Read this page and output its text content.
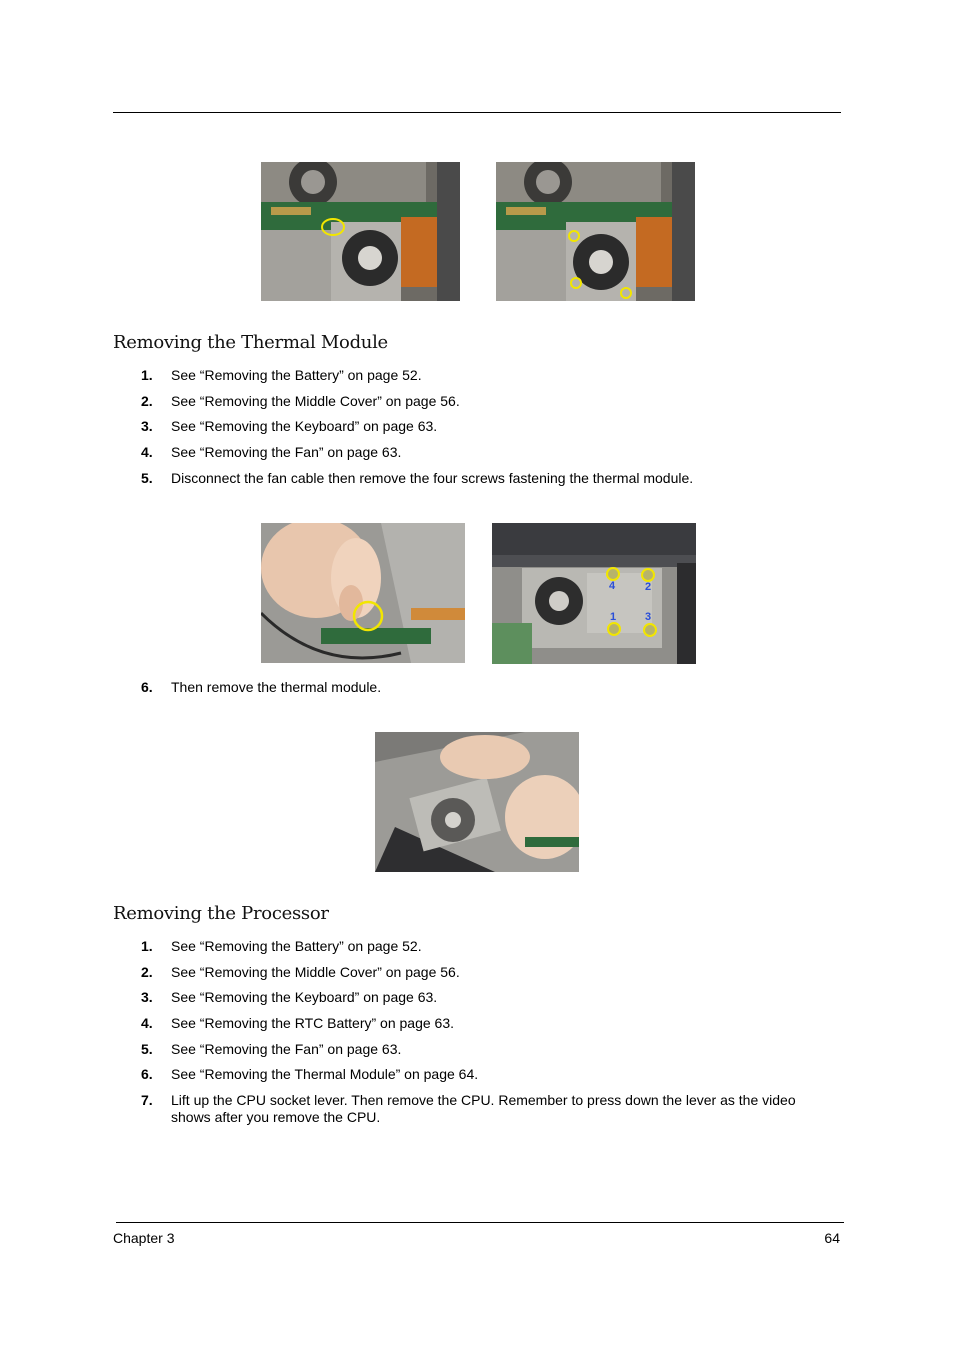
Removing the Thermal Module
1. See “Removing the Battery” on page 52.
2. See “Removing the Middle Cover” on page 56.
3. See “Removing the Keyboard” on page 63.
4. See “Removing the Fan” on page 63.
5. Disconnect the fan cable then remove the four screws fastening the thermal module.
4	2
1	3
6. Then remove the thermal module.
Removing the Processor
1. See “Removing the Battery” on page 52.
2. See “Removing the Middle Cover” on page 56.
3. See “Removing the Keyboard” on page 63.
4. See “Removing the RTC Battery” on page 63.
5. See “Removing the Fan” on page 63.
6. See “Removing the Thermal Module” on page 64.
7. Lift up the CPU socket lever. Then remove the CPU. Remember to press down the lever as the video shows after you remove the CPU.
Chapter 3	64
